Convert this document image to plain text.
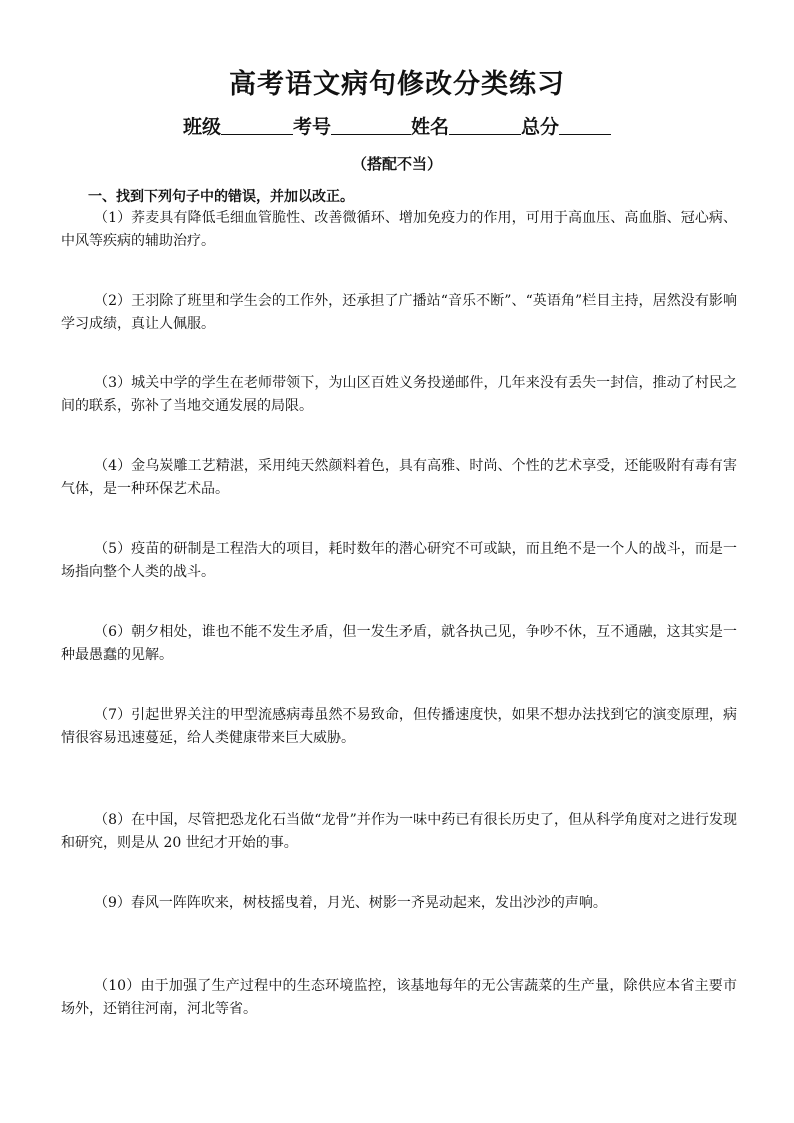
高考语文病句修改分类练习
班级	考号	姓名	总分
（搭配不当）
一、找到下列句子中的错误，并加以改正。

（1）荞麦具有降低毛细血管脆性、改善微循环、增加免疫力的作用，可用于高血压、高血脂、冠心病、中风等疾病的辅助治疗。

（2）王羽除了班里和学生会的工作外，还承担了广播站“音乐不断”、“英语角”栏目主持，居然没有影响学习成绩，真让人佩服。

（3）城关中学的学生在老师带领下，为山区百姓义务投递邮件，几年来没有丢失一封信，推动了村民之间的联系，弥补了当地交通发展的局限。

（4）金乌炭雕工艺精湛，采用纯天然颜料着色，具有高雅、时尚、个性的艺术享受，还能吸附有毒有害气体，是一种环保艺术品。

（5）疫苗的研制是工程浩大的项目，耗时数年的潜心研究不可或缺，而且绝不是一个人的战斗，而是一场指向整个人类的战斗。

（6）朝夕相处，谁也不能不发生矛盾，但一发生矛盾，就各执己见，争吵不休，互不通融，这其实是一种最愚蠢的见解。

（7）引起世界关注的甲型流感病毒虽然不易致命，但传播速度快，如果不想办法找到它的演变原理，病情很容易迅速蔓延，给人类健康带来巨大威胁。

（8）在中国，尽管把恐龙化石当做“龙骨”并作为一味中药已有很长历史了，但从科学角度对之进行发现和研究，则是从 20 世纪才开始的事。

（9）春风一阵阵吹来，树枝摇曳着，月光、树影一齐晃动起来，发出沙沙的声响。

（10）由于加强了生产过程中的生态环境监控，该基地每年的无公害蔬菜的生产量，除供应本省主要市场外，还销往河南，河北等省。
